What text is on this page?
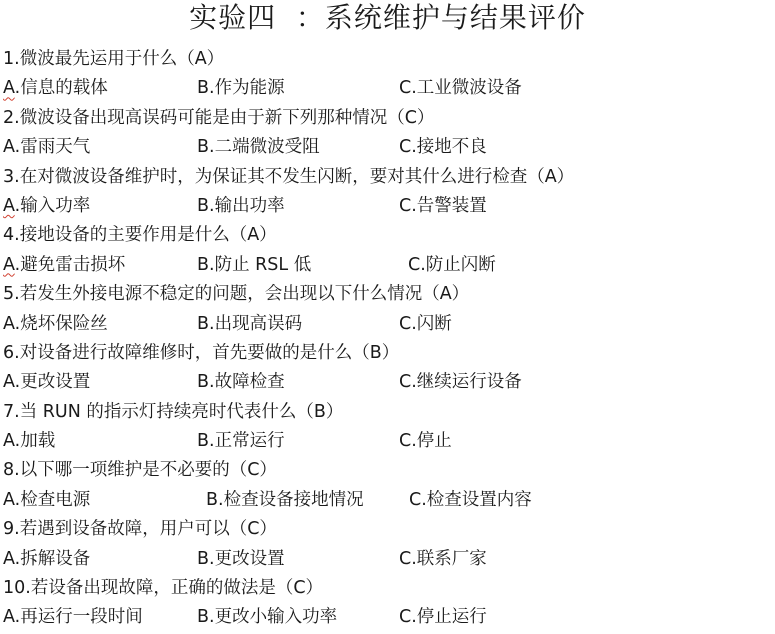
实验四  ：系统维护与结果评价
1.微波最先运用于什么（A）
A.信息的载体	B.作为能源	C.工业微波设备
2.微波设备出现高误码可能是由于新下列那种情况（C）
A.雷雨天气	B.二端微波受阻	C.接地不良
3.在对微波设备维护时，为保证其不发生闪断，要对其什么进行检查（A）
A.输入功率	B.输出功率	C.告警装置
4.接地设备的主要作用是什么（A）
A.避免雷击损坏	B.防止 RSL 低	C.防止闪断
5.若发生外接电源不稳定的问题，会出现以下什么情况（A）
A.烧坏保险丝	B.出现高误码	C.闪断
6.对设备进行故障维修时，首先要做的是什么（B）
A.更改设置	B.故障检查	C.继续运行设备
7.当 RUN 的指示灯持续亮时代表什么（B）
A.加载	B.正常运行	C.停止
8.以下哪一项维护是不必要的（C）
A.检查电源	B.检查设备接地情况	C.检查设置内容
9.若遇到设备故障，用户可以（C）
A.拆解设备	B.更改设置	C.联系厂家
10.若设备出现故障，正确的做法是（C）
A.再运行一段时间	B.更改小输入功率	C.停止运行
